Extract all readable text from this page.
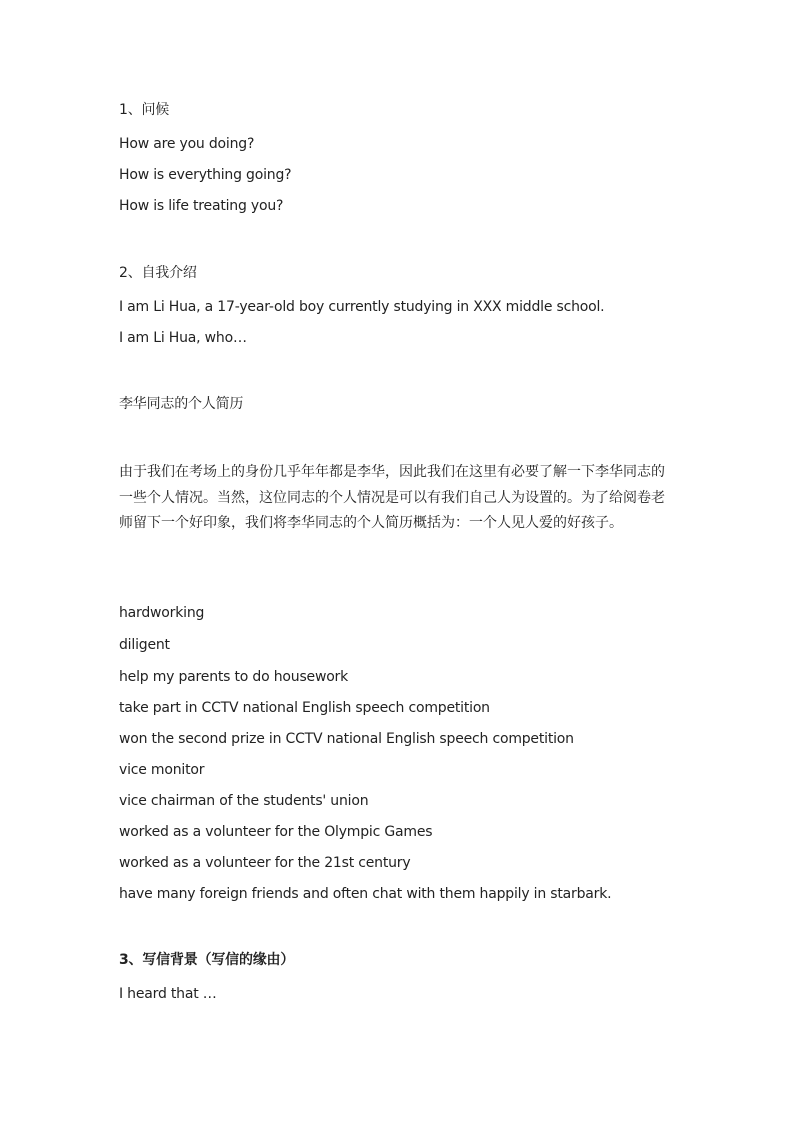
1、问候
How are you doing?
How is everything going?
How is life treating you?
2、自我介绍
I am Li Hua, a 17-year-old boy currently studying in XXX middle school.
I am Li Hua, who…
李华同志的个人简历
由于我们在考场上的身份几乎年年都是李华，因此我们在这里有必要了解一下李华同志的一些个人情况。当然，这位同志的个人情况是可以有我们自己人为设置的。为了给阅卷老师留下一个好印象，我们将李华同志的个人简历概括为：一个人见人爱的好孩子。
hardworking
diligent
help my parents to do housework
take part in CCTV national English speech competition
won the second prize in CCTV national English speech competition
vice monitor
vice chairman of the students' union
worked as a volunteer for the Olympic Games
worked as a volunteer for the 21st century
have many foreign friends and often chat with them happily in starbark.
3、写信背景（写信的缘由）
I heard that …
